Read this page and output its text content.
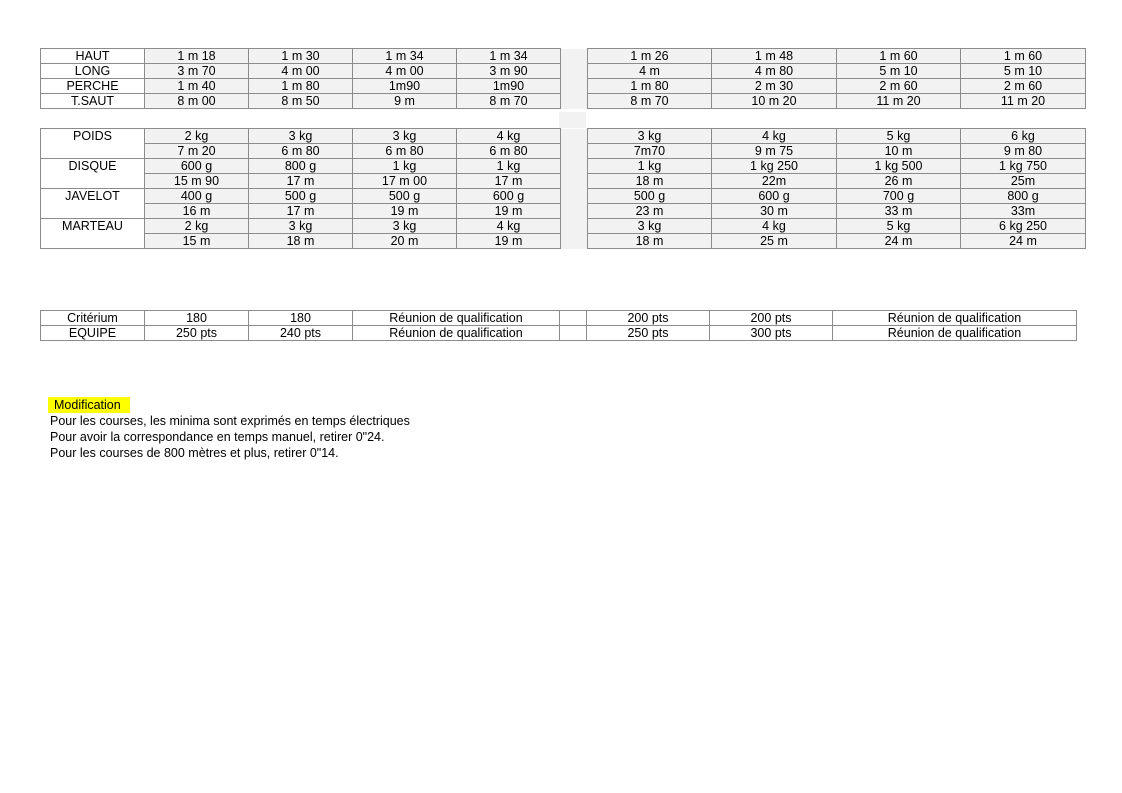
HAUT	1 m 18	1 m 30	1 m 34	1 m 34		1 m 26	1 m 48	1 m 60	1 m 60
LONG	3 m 70	4 m 00	4 m 00	3 m 90		4 m	4 m 80	5 m 10	5 m 10
PERCHE	1 m 40	1 m 80	1m90	1m90		1 m 80	2 m 30	2 m 60	2 m 60
T.SAUT	8 m 00	8 m 50	9 m	8 m 70		8 m 70	10 m 20	11 m 20	11 m 20
POIDS	2 kg	3 kg	3 kg	4 kg		3 kg	4 kg	5 kg	6 kg
	7 m 20	6 m 80	6 m 80	6 m 80		7m70	9 m 75	10 m	9 m 80
DISQUE	600 g	800 g	1 kg	1 kg		1 kg	1 kg 250	1 kg 500	1 kg 750
	15 m 90	17 m	17 m 00	17 m		18 m	22m	26 m	25m
JAVELOT	400 g	500 g	500 g	600 g		500 g	600 g	700 g	800 g
	16 m	17 m	19 m	19 m		23 m	30 m	33 m	33m
MARTEAU	2 kg	3 kg	3 kg	4 kg		3 kg	4 kg	5 kg	6 kg 250
	15 m	18 m	20 m	19 m		18 m	25 m	24 m	24 m
Critérium	180	180	Réunion de qualification		200 pts	200 pts	Réunion de qualification
EQUIPE	250 pts	240 pts	Réunion de qualification		250 pts	300 pts	Réunion de qualification
Modification
Pour les courses, les minima sont exprimés en temps électriques
Pour avoir la correspondance en temps manuel, retirer 0"24.
Pour les courses de 800 mètres et plus, retirer 0"14.
